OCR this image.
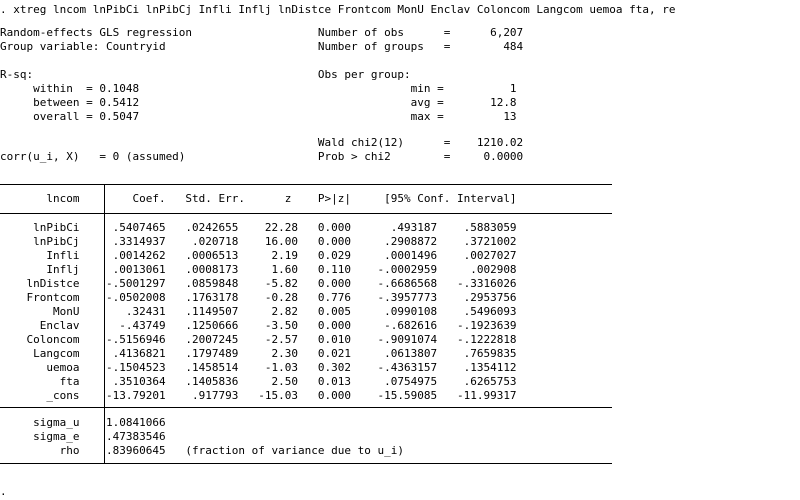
. xtreg lncom lnPibCi lnPibCj Infli Inflj lnDistce Frontcom MonU Enclav Coloncom Langcom uemoa fta, re
Random-effects GLS regression                   Number of obs      =      6,207
Group variable: Countryid                       Number of groups   =        484
R-sq:                                           Obs per group:
within  = 0.1048                                         min =          1
between = 0.5412                                         avg =       12.8
overall = 0.5047                                         max =         13
Wald chi2(12)      =    1210.02
corr(u_i, X)   = 0 (assumed)                    Prob > chi2        =     0.0000
lncom        Coef.   Std. Err.      z    P>|z|     [95% Conf. Interval]
lnPibCi     .5407465   .0242655    22.28   0.000      .493187    .5883059
lnPibCj     .3314937    .020718    16.00   0.000     .2908872    .3721002
Infli     .0014262   .0006513     2.19   0.029     .0001496    .0027027
Inflj     .0013061   .0008173     1.60   0.110    -.0002959     .002908
lnDistce    -.5001297   .0859848    -5.82   0.000    -.6686568   -.3316026
Frontcom    -.0502008   .1763178    -0.28   0.776    -.3957773    .2953756
MonU       .32431   .1149507     2.82   0.005     .0990108    .5496093
Enclav      -.43749   .1250666    -3.50   0.000     -.682616   -.1923639
Coloncom    -.5156946   .2007245    -2.57   0.010    -.9091074   -.1222818
Langcom     .4136821   .1797489     2.30   0.021     .0613807    .7659835
uemoa    -.1504523   .1458514    -1.03   0.302    -.4363157    .1354112
fta     .3510364   .1405836     2.50   0.013     .0754975    .6265753
_cons    -13.79201    .917793   -15.03   0.000    -15.59085   -11.99317
sigma_u    1.0841066
sigma_e    .47383546
rho    .83960645   (fraction of variance due to u_i)
.
